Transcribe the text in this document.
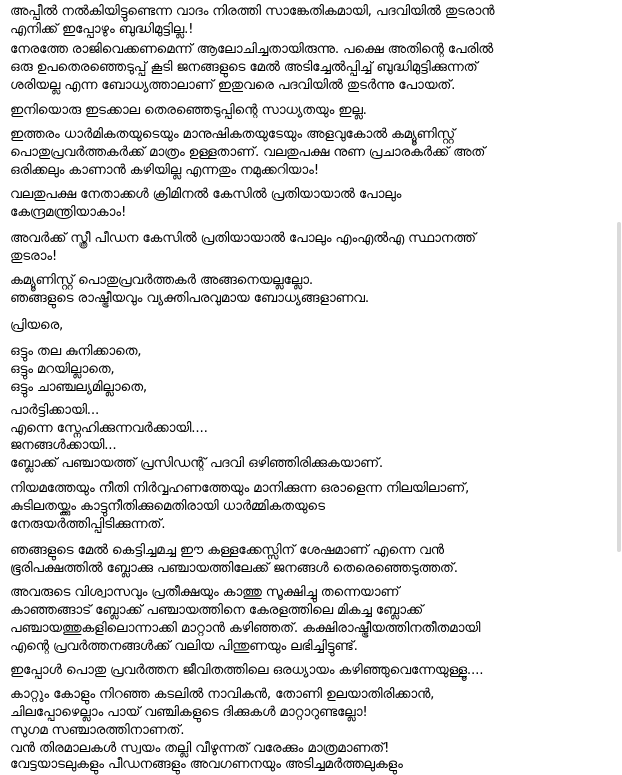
അപ്പീൽ നൽകിയിട്ടുണ്ടെന്ന വാദം നിരത്തി സാങ്കേതികമായി, പദവിയിൽ തുടരാൻ
എനിക്ക് ഇപ്പോഴും ബുദ്ധിമുട്ടില്ല.!
നേരത്തേ രാജിവെക്കണമെന്ന് ആലോചിച്ചതായിരുന്നു. പക്ഷെ അതിന്റെ പേരിൽ
ഒരു ഉപതെരഞ്ഞെടുപ്പ് കൂടി ജനങ്ങളുടെ മേൽ അടിച്ചേൽപ്പിച്ച് ബുദ്ധിമുട്ടിക്കുന്നത്
ശരിയല്ല എന്ന ബോധ്യത്താലാണ് ഇതുവരെ പദവിയിൽ തുടർന്നു പോയത്.
ഇനിയൊരു ഇടക്കാല തെരഞ്ഞെടുപ്പിന്റെ സാധ്യതയും ഇല്ല.
ഇത്തരം ധാർമികതയുടെയും മാനുഷികതയുടേയും അളവുകോൽ കമ്യൂണിസ്റ്റ്
പൊതുപ്രവർത്തകർക്ക് മാത്രം ഉള്ളതാണ്. വലതുപക്ഷ നുണ പ്രചാരകർക്ക് അത്
ഒരിക്കലും കാണാൻ കഴിയില്ല എന്നതും നമുക്കറിയാം!
വലതുപക്ഷ നേതാക്കൾ ക്രിമിനൽ കേസിൽ പ്രതിയായാൽ പോലും
കേന്ദ്രമന്ത്രിയാകാം!
അവർക്ക് സ്ത്രീ പീഡന കേസിൽ പ്രതിയായാൽ പോലും എംഎൽഎ സ്ഥാനത്ത്
തുടരാം!
കമ്യൂണിസ്റ്റ് പൊതുപ്രവർത്തകർ അങ്ങനെയല്ലല്ലോ.
ഞങ്ങളുടെ രാഷ്ട്രീയവും വ്യക്തിപരവുമായ ബോധ്യങ്ങളാണവ.
പ്രിയരെ,
ഒട്ടും തല കുനിക്കാതെ,
ഒട്ടും മറയില്ലാതെ,
ഒട്ടും ചാഞ്ചല്യമില്ലാതെ,
പാർട്ടിക്കായി...
എന്നെ സ്നേഹിക്കുന്നവർക്കായി....
ജനങ്ങൾക്കായി...
ബ്ലോക്ക് പഞ്ചായത്ത് പ്രസിഡന്റ് പദവി ഒഴിഞ്ഞിരിക്കുകയാണ്.
നിയമത്തേയും നീതി നിർവ്വഹണത്തേയും മാനിക്കുന്ന ഒരാളെന്ന നിലയിലാണ്,
കുടിലതയ്ക്കും കാട്ടുനീതിക്കുമെതിരായി ധാർമ്മികതയുടെ
നേരുയർത്തിപ്പിടിക്കുന്നത്.
ഞങ്ങളുടെ മേൽ കെട്ടിച്ചമച്ച ഈ കള്ളക്കേസ്സിന് ശേഷമാണ് എന്നെ വൻ
ഭൂരിപക്ഷത്തിൽ ബ്ലോക്കു പഞ്ചായത്തിലേക്ക് ജനങ്ങൾ തെരെഞ്ഞെടുത്തത്.
അവരുടെ വിശ്വാസവും പ്രതീക്ഷയും കാത്തു സൂക്ഷിച്ചു തന്നെയാണ്
കാഞ്ഞങ്ങാട് ബ്ലോക്ക് പഞ്ചായത്തിനെ കേരളത്തിലെ മികച്ച ബ്ലോക്ക്
പഞ്ചായത്തുകളിലൊന്നാക്കി മാറ്റാൻ കഴിഞ്ഞത്. കക്ഷിരാഷ്ട്രീയത്തിനതീതമായി
എന്റെ പ്രവർത്തനങ്ങൾക്ക് വലിയ പിന്തുണയും ലഭിച്ചിട്ടുണ്ട്.
ഇപ്പോൾ പൊതു പ്രവർത്തന ജീവിതത്തിലെ ഒരധ്യായം കഴിഞ്ഞുവെന്നേയുള്ളൂ....
കാറ്റും കോളും നിറഞ്ഞ കടലിൽ നാവികൻ, തോണി ഉലയാതിരിക്കാൻ,
ചിലപ്പോഴെല്ലാം പായ് വഞ്ചികളുടെ ദിക്കുകൾ മാറ്റാറുണ്ടല്ലോ!
സുഗമ സഞ്ചാരത്തിനാണത്.
വൻ തിരമാലകൾ സ്വയം തല്ലി വീഴുന്നത് വരേക്കും മാത്രമാണത്!
വേട്ടയാടലുകളും പീഡനങ്ങളും അവഗണനയും അടിച്ചമർത്തലുകളും
